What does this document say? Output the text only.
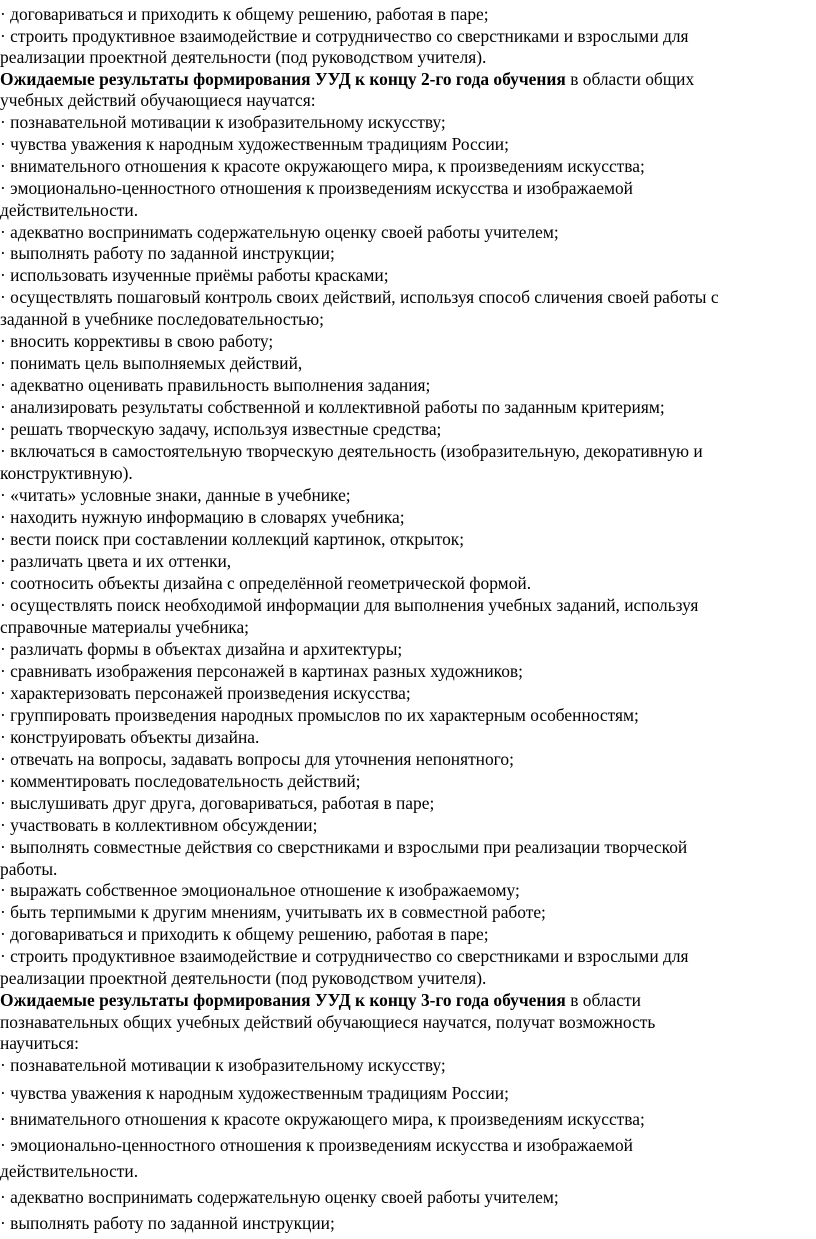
· договариваться и приходить к общему решению, работая в паре;
· строить продуктивное взаимодействие и сотрудничество со сверстниками и взрослыми для
реализации проектной деятельности (под руководством учителя).
Ожидаемые результаты формирования УУД к концу 2-го года обучения в области общих
учебных действий обучающиеся научатся:
· познавательной мотивации к изобразительному искусству;
· чувства уважения к народным художественным традициям России;
· внимательного отношения к красоте окружающего мира, к произведениям искусства;
· эмоционально-ценностного отношения к произведениям искусства и изображаемой
действительности.
· адекватно воспринимать содержательную оценку своей работы учителем;
· выполнять работу по заданной инструкции;
· использовать изученные приёмы работы красками;
· осуществлять пошаговый контроль своих действий, используя способ сличения своей работы с
заданной в учебнике последовательностью;
· вносить коррективы в свою работу;
· понимать цель выполняемых действий,
· адекватно оценивать правильность выполнения задания;
· анализировать результаты собственной и коллективной работы по заданным критериям;
· решать творческую задачу, используя известные средства;
· включаться в самостоятельную творческую деятельность (изобразительную, декоративную и
конструктивную).
· «читать» условные знаки, данные в учебнике;
· находить нужную информацию в словарях учебника;
· вести поиск при составлении коллекций картинок, открыток;
· различать цвета и их оттенки,
· соотносить объекты дизайна с определённой геометрической формой.
· осуществлять поиск необходимой информации для выполнения учебных заданий, используя
справочные материалы учебника;
· различать формы в объектах дизайна и архитектуры;
· сравнивать изображения персонажей в картинах разных художников;
· характеризовать персонажей произведения искусства;
· группировать произведения народных промыслов по их характерным особенностям;
· конструировать объекты дизайна.
· отвечать на вопросы, задавать вопросы для уточнения непонятного;
· комментировать последовательность действий;
· выслушивать друг друга, договариваться, работая в паре;
· участвовать в коллективном обсуждении;
· выполнять совместные действия со сверстниками и взрослыми при реализации творческой
работы.
· выражать собственное эмоциональное отношение к изображаемому;
· быть терпимыми к другим мнениям, учитывать их в совместной работе;
· договариваться и приходить к общему решению, работая в паре;
· строить продуктивное взаимодействие и сотрудничество со сверстниками и взрослыми для
реализации проектной деятельности (под руководством учителя).
Ожидаемые результаты формирования УУД к концу 3-го года обучения в области
познавательных общих учебных действий обучающиеся научатся, получат возможность
научиться:
· познавательной мотивации к изобразительному искусству;
· чувства уважения к народным художественным традициям России;
· внимательного отношения к красоте окружающего мира, к произведениям искусства;
· эмоционально-ценностного отношения к произведениям искусства и изображаемой
действительности.
· адекватно воспринимать содержательную оценку своей работы учителем;
· выполнять работу по заданной инструкции;
